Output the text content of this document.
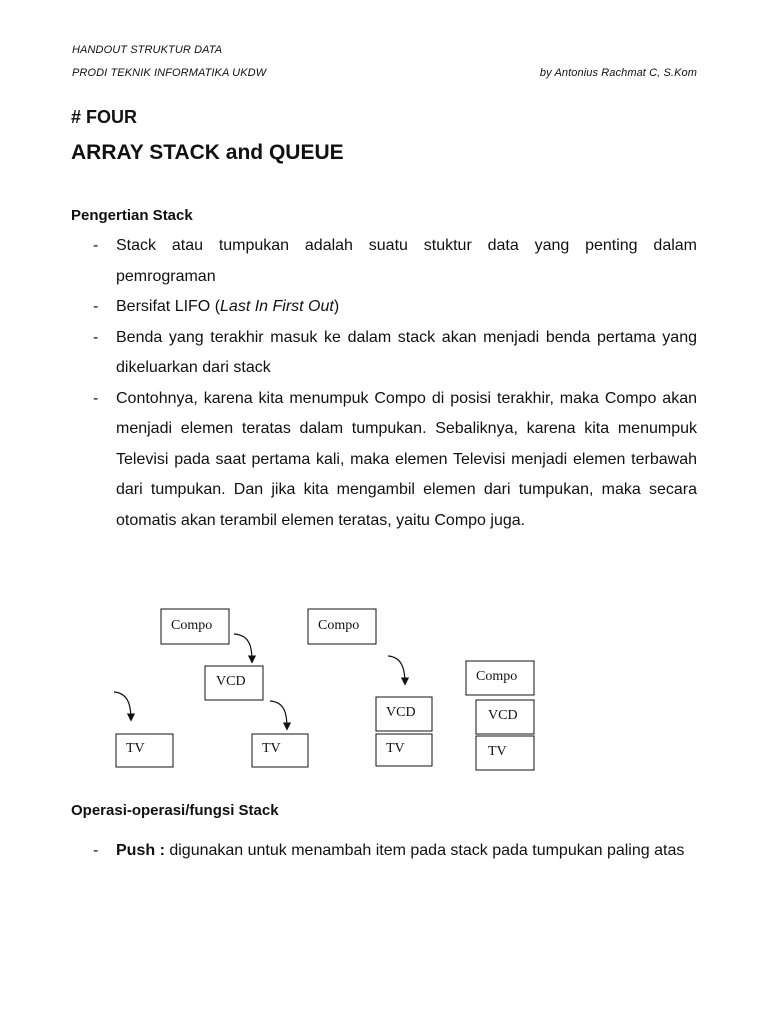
HANDOUT STRUKTUR DATA
PRODI TEKNIK INFORMATIKA UKDW	by Antonius Rachmat C, S.Kom
# FOUR
ARRAY STACK and QUEUE
Pengertian Stack
-	Stack atau tumpukan adalah suatu stuktur data yang penting dalam pemrograman
-	Bersifat LIFO (Last In First Out)
-	Benda yang terakhir masuk ke dalam stack akan menjadi benda pertama yang dikeluarkan dari stack
-	Contohnya, karena kita menumpuk Compo di posisi terakhir, maka Compo akan menjadi elemen teratas dalam tumpukan. Sebaliknya, karena kita menumpuk Televisi pada saat pertama kali, maka elemen Televisi menjadi elemen terbawah dari tumpukan. Dan jika kita mengambil elemen dari tumpukan, maka secara otomatis akan terambil elemen teratas, yaitu Compo juga.
Compo	Compo
VCD	Compo
VCD	VCD
TV	TV	TV	TV
Operasi-operasi/fungsi Stack
-	Push : digunakan untuk menambah item pada stack pada tumpukan paling atas
